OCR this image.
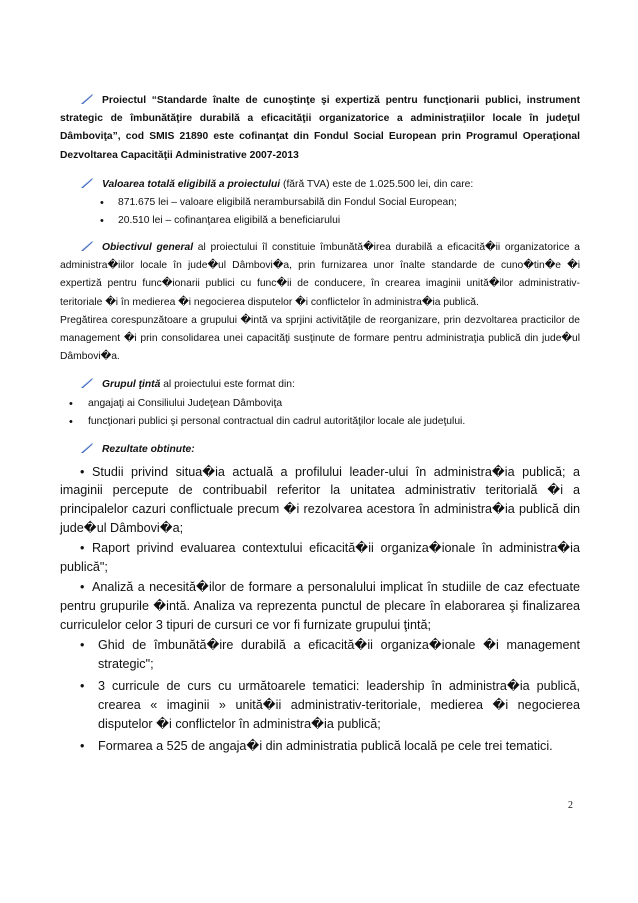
Proiectul “Standarde înalte de cunoştinţe şi expertiză pentru funcţionarii publici, instrument strategic de îmbunătăţire durabilă a eficacităţii organizatorice a administraţiilor locale în judeţul Dâmboviţa”, cod SMIS 21890 este cofinanţat din Fondul Social European prin Programul Operaţional Dezvoltarea Capacităţii Administrative 2007-2013

Valoarea totală eligibilă a proiectului (fără TVA) este de 1.025.500 lei, din care:

• 871.675 lei – valoare eligibilă nerambursabilă din Fondul Social European;
• 20.510 lei – cofinanţarea eligibilă a beneficiarului

Obiectivul general al proiectului îl constituie îmbunătă�irea durabilă a eficacită�ii organizatorice a administra�iilor locale în jude�ul Dâmbovi�a, prin furnizarea unor înalte standarde de cuno�tin�e �i expertiză pentru func�ionarii publici cu func�ii de conducere, în crearea imaginii unită�ilor administrativ-teritoriale �i în medierea �i negocierea disputelor �i conflictelor în administra�ia publică.

Pregătirea corespunzătoare a grupului �intă va sprjini activităţile de reorganizare, prin dezvoltarea practicilor de management �i prin consolidarea unei capacităţi susţinute de formare pentru administraţia publică din jude�ul Dâmbovi�a.

Grupul ţintă al proiectului este format din:

• angajaţi ai Consiliului Judeţean Dâmboviţa
• funcţionari publici şi personal contractual din cadrul autorităţilor locale ale judeţului.

Rezultate obtinute:

• Studii privind situa�ia actuală a profilului leader-ului în administra�ia publică; a imaginii percepute de contribuabil referitor la unitatea administrativ teritorială �i a principalelor cazuri conflictuale precum �i rezolvarea acestora în administra�ia publică din jude�ul Dâmbovi�a;

• Raport privind evaluarea contextului eficacită�ii organiza�ionale în administra�ia publică";

• Analiză a necesită�ilor de formare a personalului implicat în studiile de caz efectuate pentru grupurile �intă. Analiza va reprezenta punctul de plecare în elaborarea şi finalizarea curriculelor celor 3 tipuri de cursuri ce vor fi furnizate grupului ţintă;

• Ghid de îmbunătă�ire durabilă a eficacită�ii organiza�ionale �i management strategic";
• 3 curricule de curs cu următoarele tematici: leadership în administra�ia publică, crearea « imaginii » unită�ii administrativ-teritoriale, medierea �i negocierea disputelor �i conflictelor în administra�ia publică;
• Formarea a 525 de angaja�i din administratia publică locală pe cele trei tematici.
2
